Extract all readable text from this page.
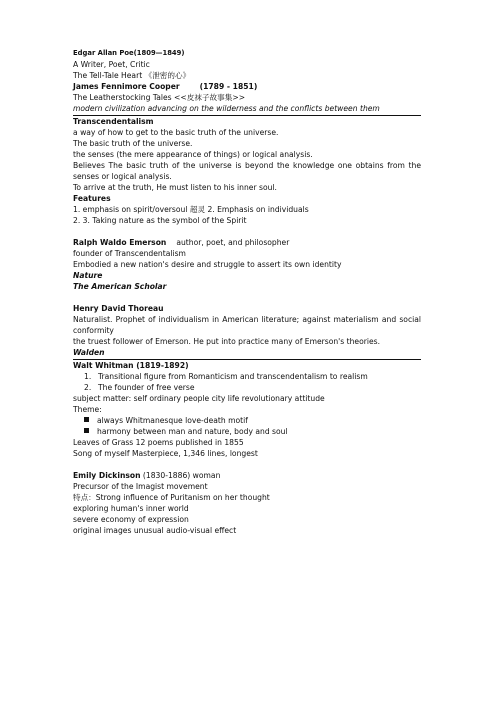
Edgar Allan Poe(1809—1849)
A Writer, Poet, Critic
The Tell-Tale Heart 《泄密的心》
James Fennimore Cooper	(1789 - 1851)
The Leatherstocking Tales <<皮袜子故事集>>
modern civilization advancing on the wilderness and the conflicts between them
Transcendentalism
a way of how to get to the basic truth of the universe.
The basic truth of the universe.
the senses (the mere appearance of things) or logical analysis.
Believes The basic truth of the universe is beyond the knowledge one obtains from the senses or logical analysis.
To arrive at the truth, He must listen to his inner soul.
Features
1. emphasis on spirit/oversoul 超灵 2. Emphasis on individuals
2. 3. Taking nature as the symbol of the Spirit
Ralph Waldo Emerson author, poet, and philosopher
founder of Transcendentalism
Embodied a new nation's desire and struggle to assert its own identity
Nature
The American Scholar
Henry David Thoreau
Naturalist. Prophet of individualism in American literature; against materialism and social conformity
the truest follower of Emerson. He put into practice many of Emerson's theories.
Walden
Walt Whitman (1819-1892)
1. Transitional figure from Romanticism and transcendentalism to realism
2. The founder of free verse
subject matter: self ordinary people city life revolutionary attitude
Theme:
always Whitmanesque love-death motif
harmony between man and nature, body and soul
Leaves of Grass 12 poems published in 1855
Song of myself Masterpiece, 1,346 lines, longest
Emily Dickinson (1830-1886) woman
Precursor of the Imagist movement
特点：Strong influence of Puritanism on her thought
exploring human's inner world
severe economy of expression
original images unusual audio-visual effect
